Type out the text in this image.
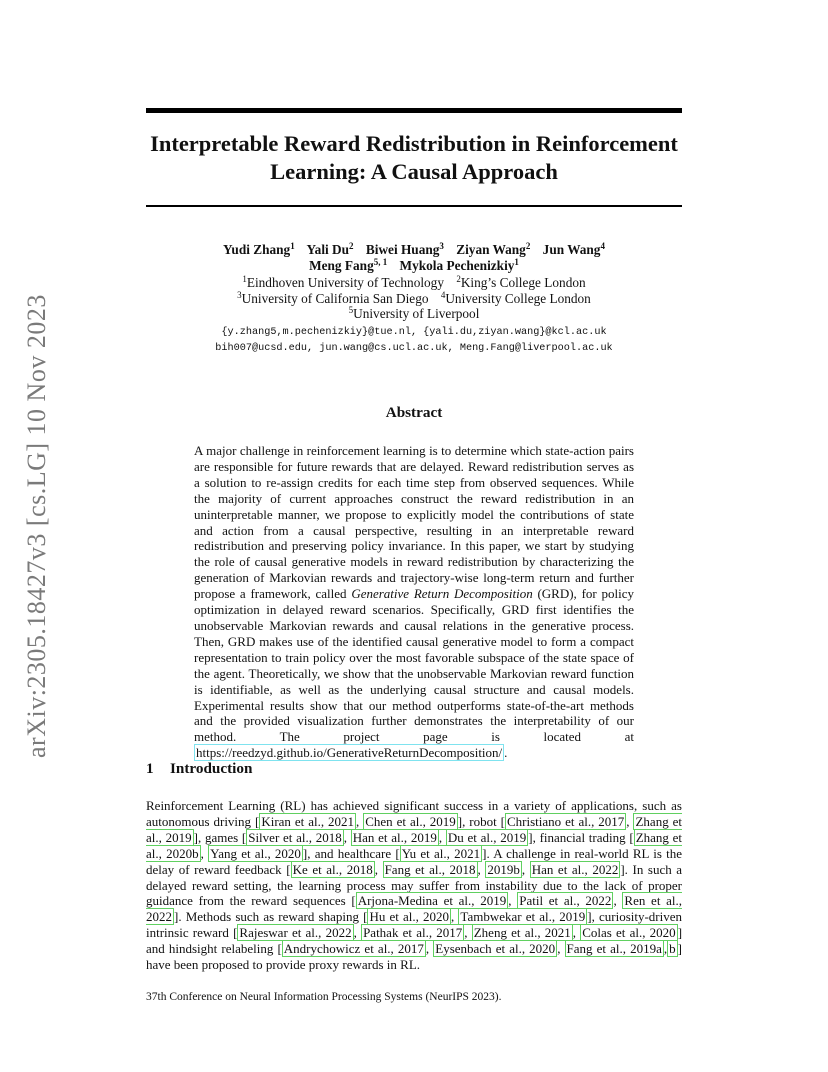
arXiv:2305.18427v3 [cs.LG] 10 Nov 2023
Interpretable Reward Redistribution in Reinforcement Learning: A Causal Approach
Yudi Zhang$^1$ Yali Du$^2$ Biwei Huang$^3$ Ziyan Wang$^2$ Jun Wang$^4$
Meng Fang$^{5, 1}$ Mykola Pechenizkiy$^1$
$^1$Eindhoven University of Technology $^2$King’s College London
$^3$University of California San Diego $^4$University College London
$^5$University of Liverpool
{y.zhang5,m.pechenizkiy}@tue.nl, {yali.du,ziyan.wang}@kcl.ac.uk
bih007@ucsd.edu, jun.wang@cs.ucl.ac.uk, Meng.Fang@liverpool.ac.uk
Abstract
A major challenge in reinforcement learning is to determine which state-action pairs are responsible for future rewards that are delayed. Reward redistribution serves as a solution to re-assign credits for each time step from observed sequences. While the majority of current approaches construct the reward redistribution in an uninterpretable manner, we propose to explicitly model the contributions of state and action from a causal perspective, resulting in an interpretable reward redistribution and preserving policy invariance. In this paper, we start by studying the role of causal generative models in reward redistribution by characterizing the generation of Markovian rewards and trajectory-wise long-term return and further propose a framework, called Generative Return Decomposition (GRD), for policy optimization in delayed reward scenarios. Specifically, GRD first identifies the unobservable Markovian rewards and causal relations in the generative process. Then, GRD makes use of the identified causal generative model to form a compact representation to train policy over the most favorable subspace of the state space of the agent. Theoretically, we show that the unobservable Markovian reward function is identifiable, as well as the underlying causal structure and causal models. Experimental results show that our method outperforms state-of-the-art methods and the provided visualization further demonstrates the interpretability of our method. The project page is located at https://reedzyd.github.io/GenerativeReturnDecomposition/ .
1 Introduction
Reinforcement Learning (RL) has achieved significant success in a variety of applications, such as autonomous driving [ Kiran et al., 2021 , Chen et al., 2019 ], robot [ Christiano et al., 2017 , Zhang et al., 2019 ], games [ Silver et al., 2018 , Han et al., 2019 , Du et al., 2019 ], financial trading [ Zhang et al., 2020b , Yang et al., 2020 ], and healthcare [ Yu et al., 2021 ]. A challenge in real-world RL is the delay of reward feedback [ Ke et al., 2018 , Fang et al., 2018 , 2019b , Han et al., 2022 ]. In such a delayed reward setting, the learning process may suffer from instability due to the lack of proper guidance from the reward sequences [ Arjona-Medina et al., 2019 , Patil et al., 2022 , Ren et al., 2022 ]. Methods such as reward shaping [ Hu et al., 2020 , Tambwekar et al., 2019 ], curiosity-driven intrinsic reward [ Rajeswar et al., 2022 , Pathak et al., 2017 , Zheng et al., 2021 , Colas et al., 2020 ] and hindsight relabeling [ Andrychowicz et al., 2017 , Eysenbach et al., 2020 , Fang et al., 2019a , b ] have been proposed to provide proxy rewards in RL.
37th Conference on Neural Information Processing Systems (NeurIPS 2023).
